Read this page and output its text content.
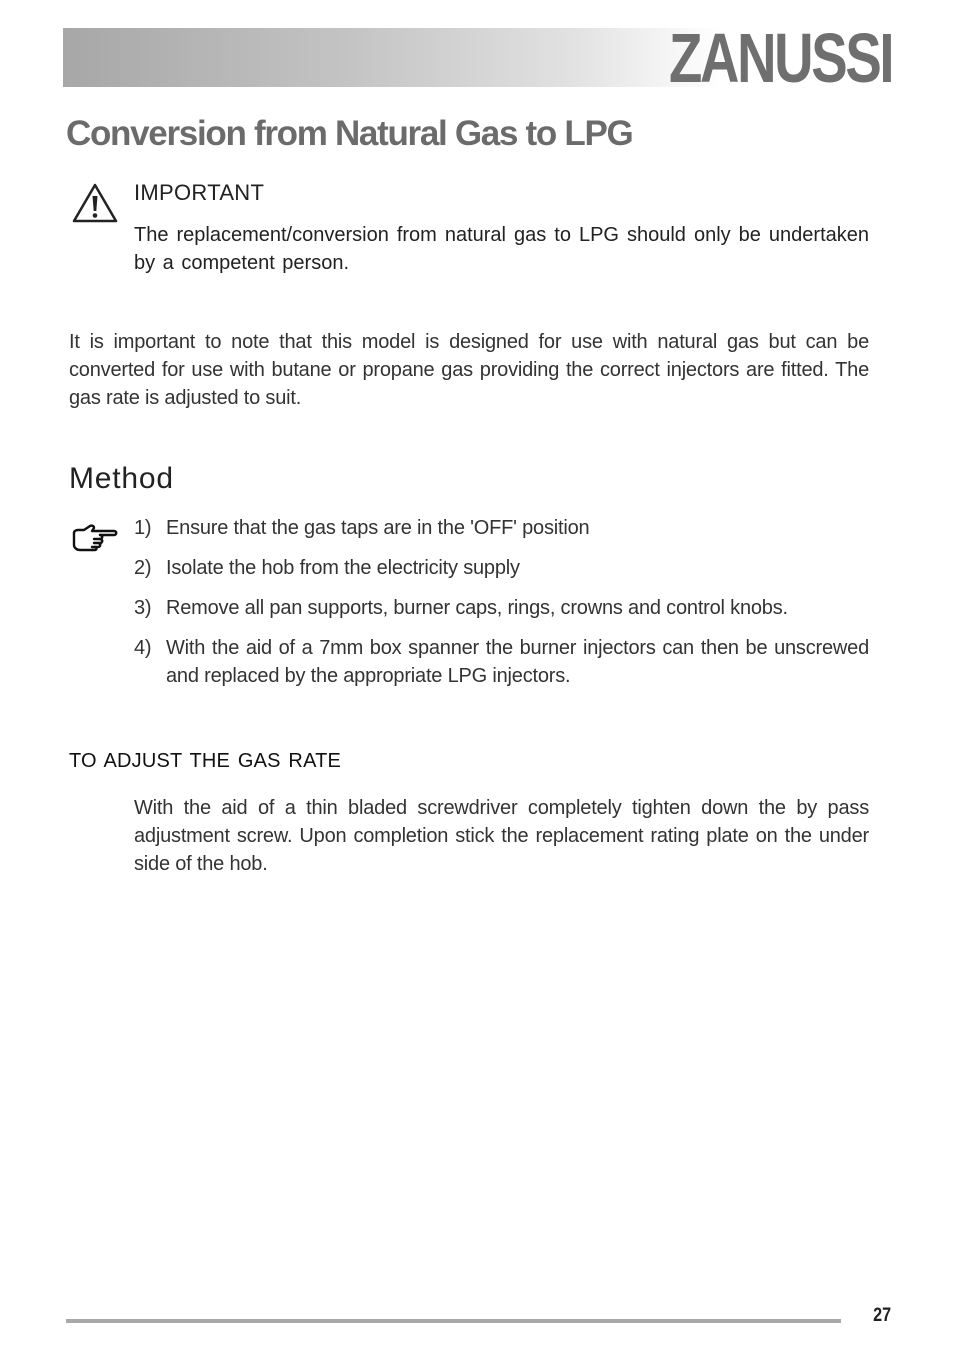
ZANUSSI
Conversion from Natural Gas to LPG
IMPORTANT

The replacement/conversion from natural gas to LPG should only be undertaken by a competent person.

It is important to note that this model is designed for use with natural gas but can be converted for use with butane or propane gas providing the correct injectors are fitted. The gas rate is adjusted to suit.

Method
1) Ensure that the gas taps are in the 'OFF' position
2) Isolate the hob from the electricity supply
3) Remove all pan supports, burner caps, rings, crowns and control knobs.
4) With the aid of a 7mm box spanner the burner injectors can then be unscrewed and replaced by the appropriate LPG injectors.
TO ADJUST THE GAS RATE

With the aid of a thin bladed screwdriver completely tighten down the by pass adjustment screw. Upon completion stick the replacement rating plate on the under side of the hob.

27
